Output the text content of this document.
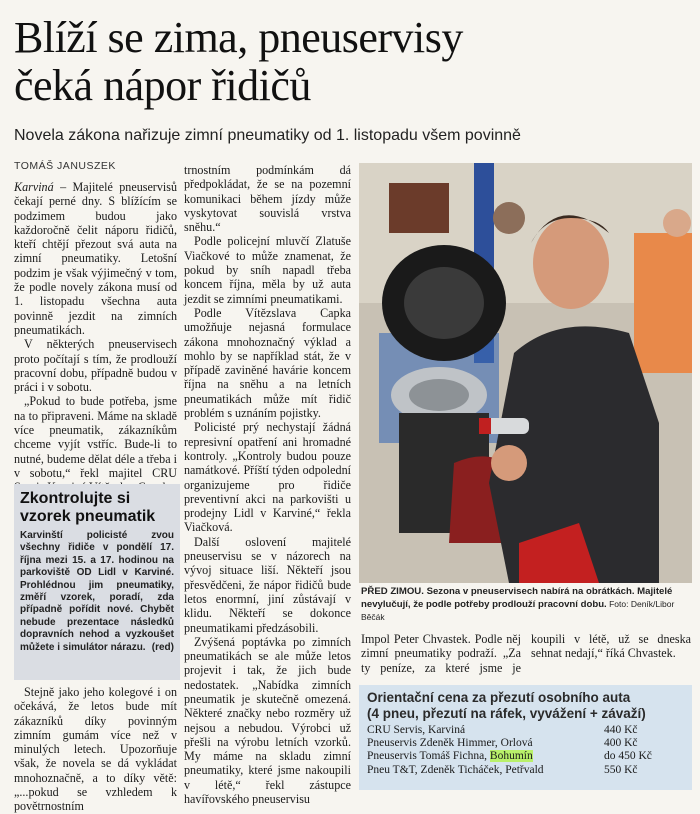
Blíží se zima, pneuservisy
čeká nápor řidičů
Novela zákona nařizuje zimní pneumatiky od 1. listopadu všem povinně
TOMÁŠ JANUSZEK

Karviná – Majitelé pneuservisů čekají perné dny. S blížícím se podzimem budou jako každoročně čelit náporu řidičů, kteří chtějí přezout svá auta na zimní pneumatiky. Letošní podzim je však výjimečný v tom, že podle novely zákona musí od 1. listopadu všechna auta povinně jezdit na zimních pneumatikách.

V některých pneuservisech proto počítají s tím, že prodlouží pracovní dobu, případně budou v práci i v sobotu.

„Pokud to bude potřeba, jsme na to připraveni. Máme na skladě více pneumatik, zákazníkům chceme vyjít vstříc. Bude-li to nutné, budeme dělat déle a třeba i v sobotu,“ řekl majitel CRU

Zkontrolujte si
vzorek pneumatik
Karvinští policisté zvou všechny řidiče v pondělí 17. října mezi 15. a 17. hodinou na parkoviště OD Lidl v Karviné. Prohlédnou jim pneumatiky, změří vzorek, poradí, zda případně pořídit nové. Chybět nebude prezentace následků dopravních nehod a vyzkoušet můžete i simulátor nárazu. (red)

Stejně jako jeho kolegové i on očekává, že letos bude mít zákazníků díky povinným zimním gumám více než v minulých letech. Upozorňuje však, že novela se dá vykládat mnohoznačně, a to díky větě: „...pokud se vzhledem k povětrnostním

trnostním podmínkám dá předpokládat, že se na pozemní komunikaci během jízdy může vyskytovat souvislá vrstva sněhu.“

Podle policejní mluvčí Zlatuše Viačkové to může znamenat, že pokud by sníh napadl třeba koncem října, měla by už auta jezdit se zimními pneumatikami.

Podle Vítězslava Capka umožňuje nejasná formulace zákona mnohoznačný výklad a mohlo by se například stát, že v případě zaviněné havárie koncem října na sněhu a na letních pneumatikách může mít řidič problém s uznáním pojistky.

Policisté prý nechystají žádná represivní opatření ani hromadné kontroly. „Kontroly budou pouze namátkové. Příští týden odpolední organizujeme pro řidiče preventivní akci na parkovišti u prodejny Lidl v Karviné,“ řekla Viačková.

Další oslovení majitelé pneuservisu se v názorech na vývoj situace liší. Někteří jsou přesvědčeni, že nápor řidičů bude letos enormní, jiní zůstávají v klidu. Někteří se dokonce pneumatikami předzásobili.

Zvýšená poptávka po zimních pneumatikách se ale může letos projevit i tak, že jich bude nedostatek. „Nabídka zimních pneumatik je skutečně omezená. Některé značky nebo rozměry už nejsou a nebudou. Výrobci už přešli na výrobu letních vzorků. My máme na skladu zimní pneumatiky, které jsme nakoupili v létě,“ řekl zástupce havířovského pneuservisu

PŘED ZIMOU. Sezona v pneuservisech nabírá na obrátkách. Majitelé nevylučují, že podle potřeby prodlouží pracovní dobu. Foto: Deník/Libor Běčák

Impol Peter Chvastek. Podle něj zimní pneumatiky podraží. „Za ty peníze, za které jsme je koupili v létě, už se dneska sehnat nedají,“ říká Chvastek.

Orientační cena za přezutí osobního auta
(4 pneu, přezutí na ráfek, vyvážení + závaží)
CRU Servis, Karviná	440 Kč
Pneuservis Zdeněk Himmer, Orlová	400 Kč
Pneuservis Tomáš Fichna, Bohumín	do 450 Kč
Pneu T&T, Zdeněk Ticháček, Petřvald	550 Kč
